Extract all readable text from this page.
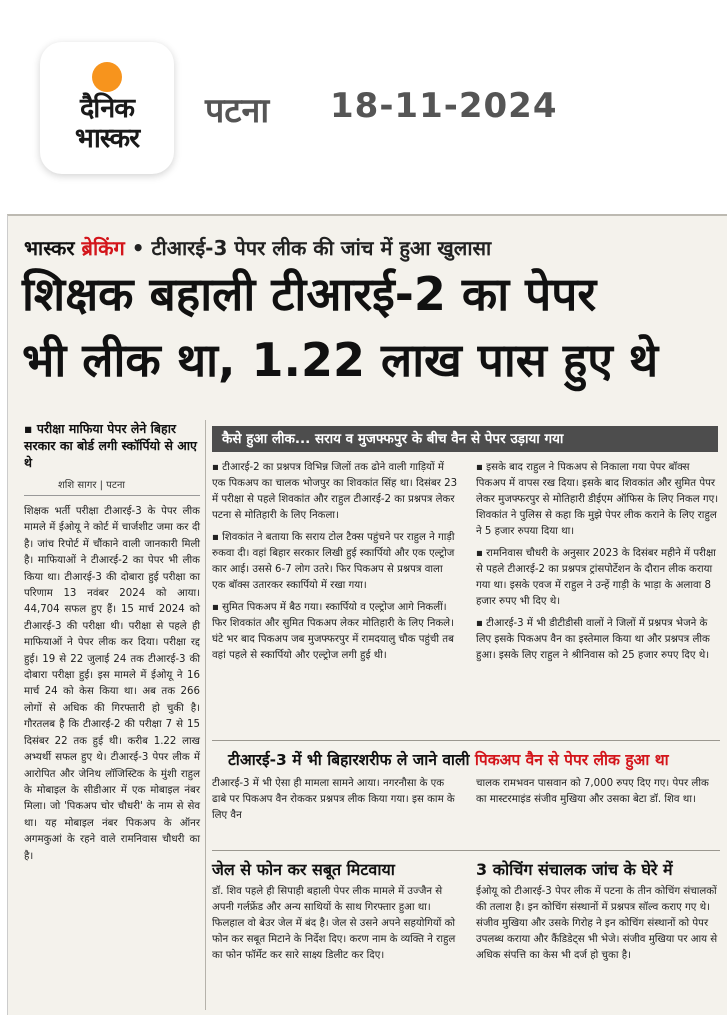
दैनिक
भास्कर
पटना 18-11-2024
भास्कर ब्रेकिंग • टीआरई-3 पेपर लीक की जांच में हुआ खुलासा
शिक्षक बहाली टीआरई-2 का पेपर
भी लीक था, 1.22 लाख पास हुए थे
▪ परीक्षा माफिया पेपर लेने बिहार सरकार का बोर्ड लगी स्कॉर्पियो से आए थे
शशि सागर | पटना
शिक्षक भर्ती परीक्षा टीआरई-3 के पेपर लीक मामले में ईओयू ने कोर्ट में चार्जशीट जमा कर दी है। जांच रिपोर्ट में चौंकाने वाली जानकारी मिली है। माफियाओं ने टीआरई-2 का पेपर भी लीक किया था। टीआरई-3 की दोबारा हुई परीक्षा का परिणाम 13 नवंबर 2024 को आया। 44,704 सफल हुए हैं। 15 मार्च 2024 को टीआरई-3 की परीक्षा थी। परीक्षा से पहले ही माफियाओं ने पेपर लीक कर दिया। परीक्षा रद्द हुई। 19 से 22 जुलाई 24 तक टीआरई-3 की दोबारा परीक्षा हुई। इस मामले में ईओयू ने 16 मार्च 24 को केस किया था। अब तक 266 लोगों से अधिक की गिरफ्तारी हो चुकी है। गौरतलब है कि टीआरई-2 की परीक्षा 7 से 15 दिसंबर 22 तक हुई थी। करीब 1.22 लाख अभ्यर्थी सफल हुए थे। टीआरई-3 पेपर लीक में आरोपित और जेनिथ लॉजिस्टिक के मुंशी राहुल के मोबाइल के सीडीआर में एक मोबाइल नंबर मिला। जो 'पिकअप चोर चौधरी' के नाम से सेव था। यह मोबाइल नंबर पिकअप के ऑनर अगमकुआं के रहने वाले रामनिवास चौधरी का है।
कैसे हुआ लीक... सराय व मुजफ्फपुर के बीच वैन से पेपर उड़ाया गया

▪ टीआरई-2 का प्रश्नपत्र विभिन्न जिलों तक ढोने वाली गाड़ियों में एक पिकअप का चालक भोजपुर का शिवकांत सिंह था। दिसंबर 23 में परीक्षा से पहले शिवकांत और राहुल टीआरई-2 का प्रश्नपत्र लेकर पटना से मोतिहारी के लिए निकला।

▪ शिवकांत ने बताया कि सराय टोल टैक्स पहुंचने पर राहुल ने गाड़ी रुकवा दी। वहां बिहार सरकार लिखी हुई स्कार्पियो और एक एल्ट्रोज कार आई। उससे 6-7 लोग उतरे। फिर पिकअप से प्रश्नपत्र वाला एक बॉक्स उतारकर स्कार्पियो में रखा गया।

▪ सुमित पिकअप में बैठ गया। स्कार्पियो व एल्ट्रोज आगे निकलीं। फिर शिवकांत और सुमित पिकअप लेकर मोतिहारी के लिए निकले। घंटे भर बाद पिकअप जब मुजफ्फरपुर में रामदयालु चौक पहुंची तब वहां पहले से स्कार्पियो और एल्ट्रोज लगी हुई थी।

▪ इसके बाद राहुल ने पिकअप से निकाला गया पेपर बॉक्स पिकअप में वापस रख दिया। इसके बाद शिवकांत और सुमित पेपर लेकर मुजफ्फरपुर से मोतिहारी डीईएम ऑफिस के लिए निकल गए। शिवकांत ने पुलिस से कहा कि मुझे पेपर लीक कराने के लिए राहुल ने 5 हजार रुपया दिया था।

▪ रामनिवास चौधरी के अनुसार 2023 के दिसंबर महीने में परीक्षा से पहले टीआरई-2 का प्रश्नपत्र ट्रांसपोर्टेशन के दौरान लीक कराया गया था। इसके एवज में राहुल ने उन्हें गाड़ी के भाड़ा के अलावा 8 हजार रुपए भी दिए थे।

▪ टीआरई-3 में भी डीटीडीसी वालों ने जिलों में प्रश्नपत्र भेजने के लिए इसके पिकअप वैन का इस्तेमाल किया था और प्रश्नपत्र लीक हुआ। इसके लिए राहुल ने श्रीनिवास को 25 हजार रुपए दिए थे।

टीआरई-3 में भी बिहारशरीफ ले जाने वाली पिकअप वैन से पेपर लीक हुआ था
टीआरई-3 में भी ऐसा ही मामला सामने आया। नगरनौसा के एक ढाबे पर पिकअप वैन रोककर प्रश्नपत्र लीक किया गया। इस काम के लिए वैन
चालक रामभवन पासवान को 7,000 रुपए दिए गए। पेपर लीक का मास्टरमाइंड संजीव मुखिया और उसका बेटा डॉ. शिव था।
जेल से फोन कर सबूत मिटवाया	3 कोचिंग संचालक जांच के घेरे में
डॉ. शिव पहले ही सिपाही बहाली पेपर लीक मामले में उज्जैन से अपनी गर्लफ्रेंड और अन्य साथियों के साथ गिरफ्तार हुआ था। फिलहाल वो बेउर जेल में बंद है। जेल से उसने अपने सहयोगियों को फोन कर सबूत मिटाने के निर्देश दिए। करण नाम के व्यक्ति ने राहुल का फोन फॉर्मेट कर सारे साक्ष्य डिलीट कर दिए।
ईओयू को टीआरई-3 पेपर लीक में पटना के तीन कोचिंग संचालकों की तलाश है। इन कोचिंग संस्थानों में प्रश्नपत्र सॉल्व कराए गए थे। संजीव मुखिया और उसके गिरोह ने इन कोचिंग संस्थानों को पेपर उपलब्ध कराया और कैंडिडेट्स भी भेजे। संजीव मुखिया पर आय से अधिक संपत्ति का केस भी दर्ज हो चुका है।
